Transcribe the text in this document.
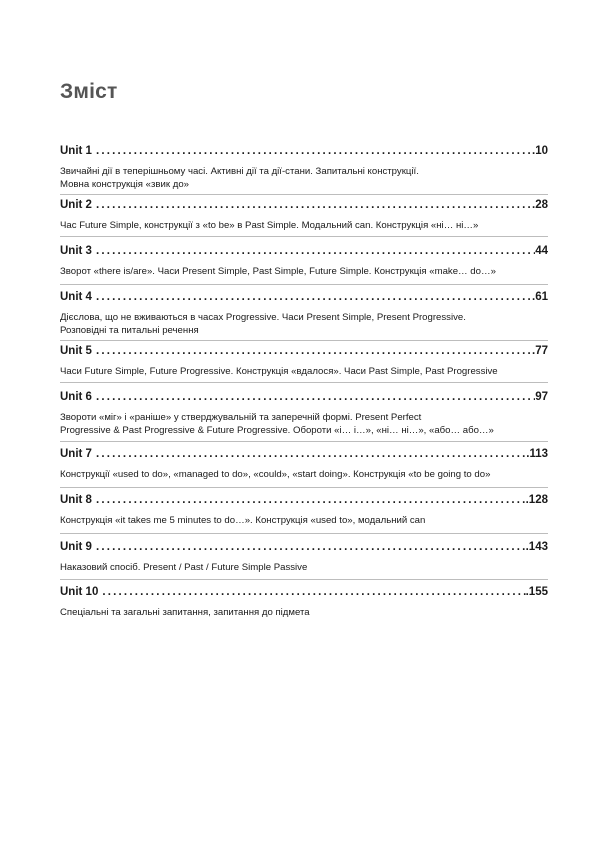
Зміст
Unit 1 .....	.10
Звичайні дії в теперішньому часі. Активні дії та дії-стани. Запитальні конструкції.
Мовна конструкція «звик до»
Unit 2 .....	.28
Час Future Simple, конструкції з «to be» в Past Simple. Модальний can. Конструкція «ні… ні…»
Unit 3 .....	44
Зворот «there is/are». Часи Present Simple, Past Simple, Future Simple. Конструкція «make… do…»
Unit 4 .....	.61
Дієслова, що не вживаються в часах Progressive. Часи Present Simple, Present Progressive.
Розповідні та питальні речення
Unit 5 .....	.77
Часи Future Simple, Future Progressive. Конструкція «вдалося». Часи Past Simple, Past Progressive
Unit 6 .....	97
Звороти «міг» і «раніше» у стверджувальній та заперечній формі. Present Perfect
Progressive & Past Progressive & Future Progressive. Обороти «і… і…», «ні… ні…», «або… або…»
Unit 7 .....	.113
Конструкції «used to do», «managed to do», «could», «start doing». Конструкція «to be going to do»
Unit 8 .....	.128
Конструкція «it takes me 5 minutes to do…». Конструкція «used to», модальний can
Unit 9 .....	.143
Наказовий спосіб. Present / Past / Future Simple Passive
Unit 10 .....	.155
Спеціальні та загальні запитання, запитання до підмета
